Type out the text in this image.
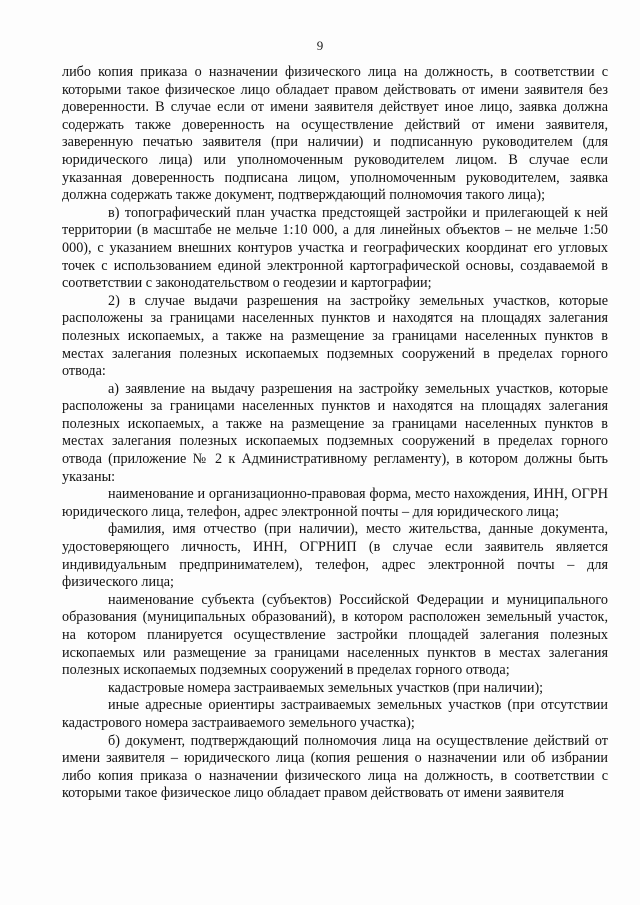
9

либо копия приказа о назначении физического лица на должность, в соответствии с которыми такое физическое лицо обладает правом действовать от имени заявителя без доверенности. В случае если от имени заявителя действует иное лицо, заявка должна содержать также доверенность на осуществление действий от имени заявителя, заверенную печатью заявителя (при наличии) и подписанную руководителем (для юридического лица) или уполномоченным руководителем лицом. В случае если указанная доверенность подписана лицом, уполномоченным руководителем, заявка должна содержать также документ, подтверждающий полномочия такого лица);

в) топографический план участка предстоящей застройки и прилегающей к ней территории (в масштабе не мельче 1:10 000, а для линейных объектов – не мельче 1:50 000), с указанием внешних контуров участка и географических координат его угловых точек с использованием единой электронной картографической основы, создаваемой в соответствии с законодательством о геодезии и картографии;

2) в случае выдачи разрешения на застройку земельных участков, которые расположены за границами населенных пунктов и находятся на площадях залегания полезных ископаемых, а также на размещение за границами населенных пунктов в местах залегания полезных ископаемых подземных сооружений в пределах горного отвода:

а) заявление на выдачу разрешения на застройку земельных участков, которые расположены за границами населенных пунктов и находятся на площадях залегания полезных ископаемых, а также на размещение за границами населенных пунктов в местах залегания полезных ископаемых подземных сооружений в пределах горного отвода (приложение № 2 к Административному регламенту), в котором должны быть указаны:

наименование и организационно-правовая форма, место нахождения, ИНН, ОГРН юридического лица, телефон, адрес электронной почты – для юридического лица;

фамилия, имя отчество (при наличии), место жительства, данные документа, удостоверяющего личность, ИНН, ОГРНИП (в случае если заявитель является индивидуальным предпринимателем), телефон, адрес электронной почты – для физического лица;

наименование субъекта (субъектов) Российской Федерации и муниципального образования (муниципальных образований), в котором расположен земельный участок, на котором планируется осуществление застройки площадей залегания полезных ископаемых или размещение за границами населенных пунктов в местах залегания полезных ископаемых подземных сооружений в пределах горного отвода;

кадастровые номера застраиваемых земельных участков (при наличии);

иные адресные ориентиры застраиваемых земельных участков (при отсутствии кадастрового номера застраиваемого земельного участка);

б) документ, подтверждающий полномочия лица на осуществление действий от имени заявителя – юридического лица (копия решения о назначении или об избрании либо копия приказа о назначении физического лица на должность, в соответствии с которыми такое физическое лицо обладает правом действовать от имени заявителя
